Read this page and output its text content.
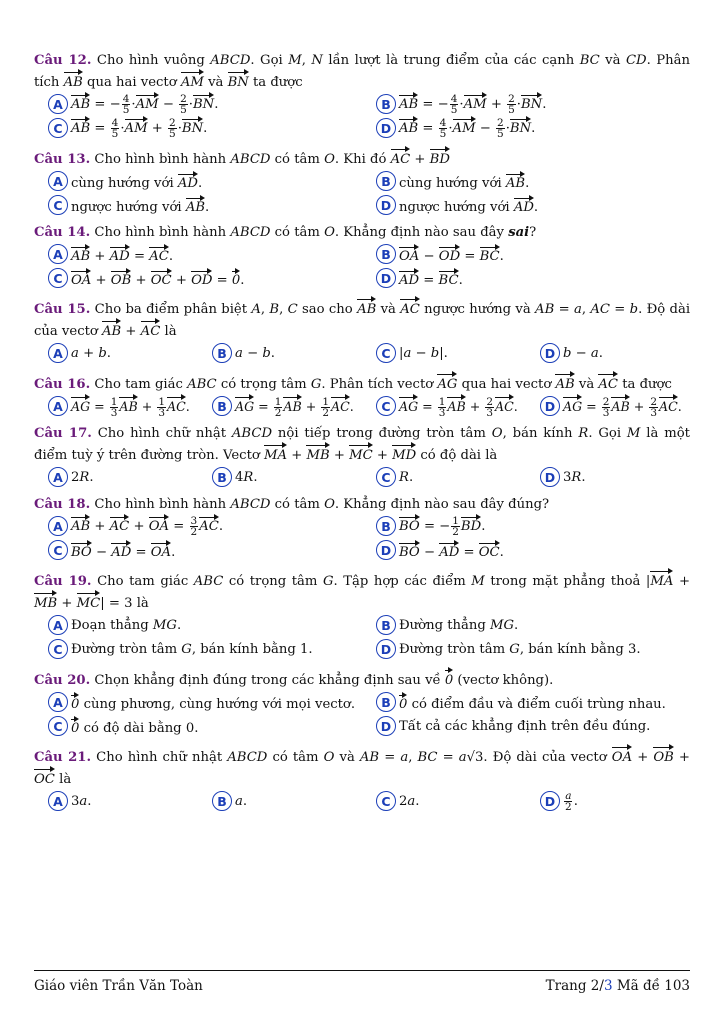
Câu 12. Cho hình vuông ABCD. Gọi M, N lần lượt là trung điểm của các cạnh BC và CD. Phân tích AB qua hai vectơ AM và BN ta được
A AB = − $\frac{4}{5} \cdot AM - \frac{2}{5} \cdot BN$.	B AB = − $\frac{4}{5} \cdot AM + \frac{2}{5} \cdot BN$.
C AB = $\frac{4}{5} \cdot AM + \frac{2}{5} \cdot BN$.	D AB = $\frac{4}{5} \cdot AM - \frac{2}{5} \cdot BN$.
Câu 13. Cho hình bình hành ABCD có tâm O. Khi đó AC + BD
A cùng hướng với AD.	B cùng hướng với AB.
C ngược hướng với AB.	D ngược hướng với AD.
Câu 14. Cho hình bình hành ABCD có tâm O. Khẳng định nào sau đây sai?
A AB + AD = AC.	B OA − OD = BC.
C OA + OB + OC + OD = 0.	D AD = BC.
Câu 15. Cho ba điểm phân biệt A, B, C sao cho AB và AC ngược hướng và AB = a, AC = b. Độ dài của vectơ AB + AC là
A a + b.	B a − b.	C |a − b|.	D b − a.
Câu 16. Cho tam giác ABC có trọng tâm G. Phân tích vectơ AG qua hai vectơ AB và AC ta được
A AG = $\frac{1}{3}$ AB + $\frac{1}{3}$ AC.	B AG = $\frac{1}{2}$ AB + $\frac{1}{2}$ AC.	C AG = $\frac{1}{3}$ AB + $\frac{2}{3}$ AC.	D AG = $\frac{2}{3}$ AB + $\frac{2}{3}$ AC.
Câu 17. Cho hình chữ nhật ABCD nội tiếp trong đường tròn tâm O, bán kính R. Gọi M là một điểm tuỳ ý trên đường tròn. Vectơ MA + MB + MC + MD có độ dài là
A 2R.	B 4R.	C R.	D 3R.
Câu 18. Cho hình bình hành ABCD có tâm O. Khẳng định nào sau đây đúng?
A AB + AC + OA = $\frac{3}{2}$ AC.	B BO = − $\frac{1}{2}$ BD.
C BO − AD = OA.	D BO − AD = OC.
Câu 19. Cho tam giác ABC có trọng tâm G. Tập hợp các điểm M trong mặt phẳng thoả |MA + MB + MC| = 3 là
A Đoạn thẳng MG.	B Đường thẳng MG.
C Đường tròn tâm G, bán kính bằng 1.	D Đường tròn tâm G, bán kính bằng 3.
Câu 20. Chọn khẳng định đúng trong các khẳng định sau về 0 (vectơ không).
A 0 cùng phương, cùng hướng với mọi vectơ.	B 0 có điểm đầu và điểm cuối trùng nhau.
C 0 có độ dài bằng 0.	D Tất cả các khẳng định trên đều đúng.
Câu 21. Cho hình chữ nhật ABCD có tâm O và AB = a, BC = a√3. Độ dài của vectơ OA + OB + OC là
A 3a.	B a.	C 2a.	D $\frac{a}{2}$ .
Giáo viên Trần Văn Toàn	Trang 2/3 Mã đề 103
